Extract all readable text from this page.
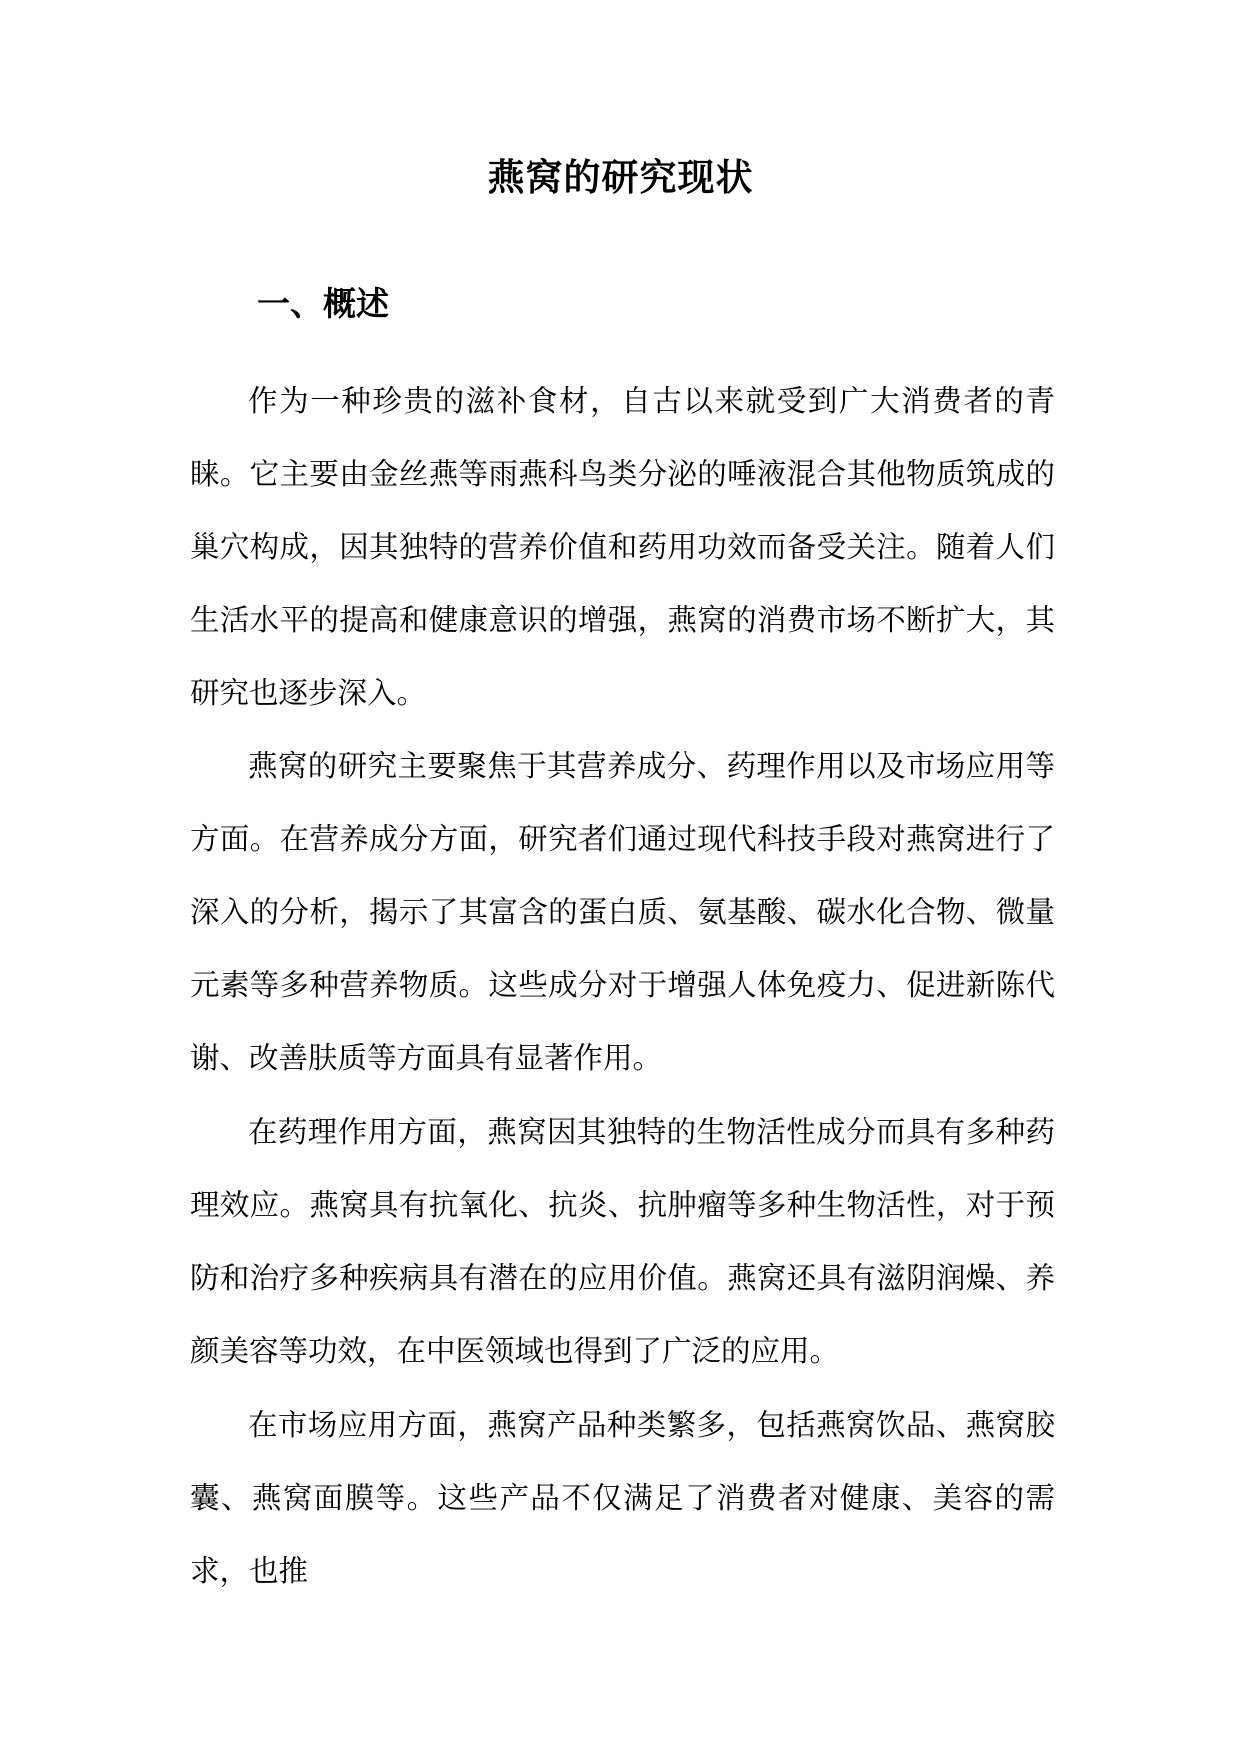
燕窝的研究现状
一、概述

作为一种珍贵的滋补食材，自古以来就受到广大消费者的青睐。它主要由金丝燕等雨燕科鸟类分泌的唾液混合其他物质筑成的巢穴构成，因其独特的营养价值和药用功效而备受关注。随着人们生活水平的提高和健康意识的增强，燕窝的消费市场不断扩大，其研究也逐步深入。

燕窝的研究主要聚焦于其营养成分、药理作用以及市场应用等方面。在营养成分方面，研究者们通过现代科技手段对燕窝进行了深入的分析，揭示了其富含的蛋白质、氨基酸、碳水化合物、微量元素等多种营养物质。这些成分对于增强人体免疫力、促进新陈代谢、改善肤质等方面具有显著作用。

在药理作用方面，燕窝因其独特的生物活性成分而具有多种药理效应。燕窝具有抗氧化、抗炎、抗肿瘤等多种生物活性，对于预防和治疗多种疾病具有潜在的应用价值。燕窝还具有滋阴润燥、养颜美容等功效，在中医领域也得到了广泛的应用。

在市场应用方面，燕窝产品种类繁多，包括燕窝饮品、燕窝胶囊、燕窝面膜等。这些产品不仅满足了消费者对健康、美容的需求，也推
